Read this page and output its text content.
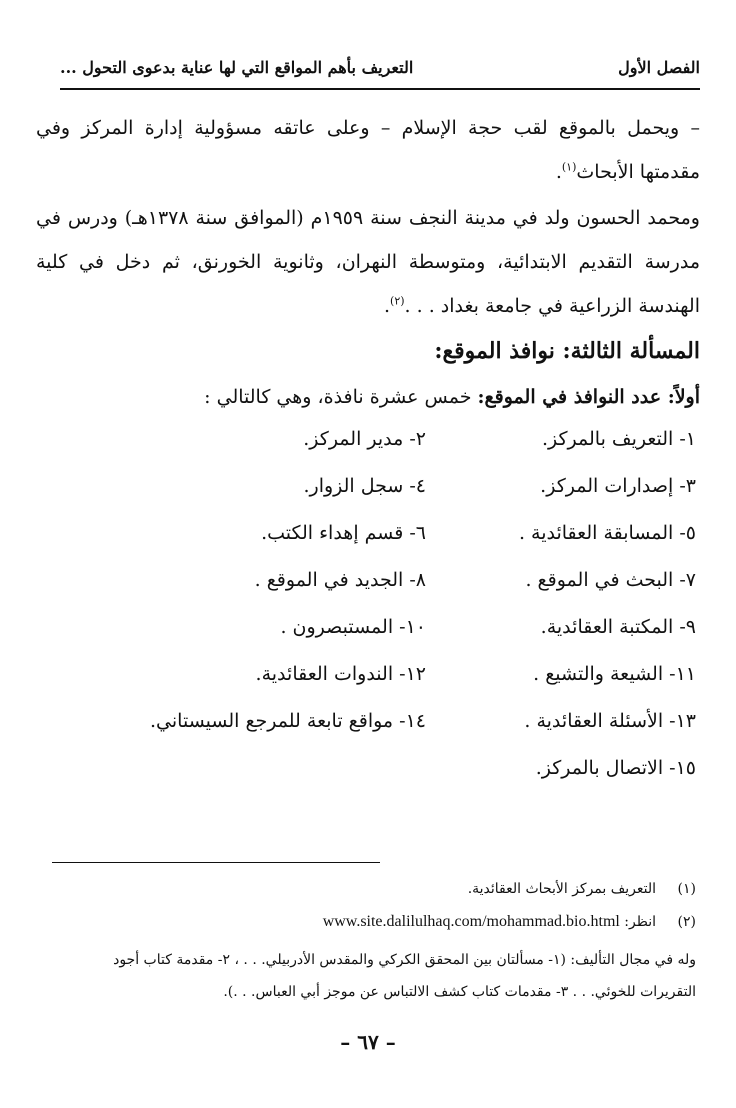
الفصل الأول
التعريف بأهم المواقع التي لها عناية بدعوى التحول ...
– ويحمل بالموقع لقب حجة الإسلام – وعلى عاتقه مسؤولية إدارة المركز وفي مقدمتها الأبحاث$^{(١)}$.
ومحمد الحسون ولد في مدينة النجف سنة ١٩٥٩م (الموافق سنة ١٣٧٨هـ) ودرس في مدرسة التقديم الابتدائية، ومتوسطة النهران، وثانوية الخورنق، ثم دخل في كلية الهندسة الزراعية في جامعة بغداد . . .$^{(٢)}$.
المسألة الثالثة: نوافذ الموقع:
أولاً: عدد النوافذ في الموقع: خمس عشرة نافذة، وهي كالتالي :
١- التعريف بالمركز.
٢- مدير المركز.
٣- إصدارات المركز.
٤- سجل الزوار.
٥- المسابقة العقائدية .
٦- قسم إهداء الكتب.
٧- البحث في الموقع .
٨- الجديد في الموقع .
٩- المكتبة العقائدية.
١٠- المستبصرون .
١١- الشيعة والتشيع .
١٢- الندوات العقائدية.
١٣- الأسئلة العقائدية .
١٤- مواقع تابعة للمرجع السيستاني.
١٥- الاتصال بالمركز.
(١)التعريف بمركز الأبحاث العقائدية.
(٢)انظر: www.site.dalilulhaq.com/mohammad.bio.html
وله في مجال التأليف: (١- مسألتان بين المحقق الكركي والمقدس الأدربيلي. . . ، ٢- مقدمة كتاب أجود
التقريرات للخوئي. . . ٣- مقدمات كتاب كشف الالتباس عن موجز أبي العباس. . .).
– ٦٧ –
